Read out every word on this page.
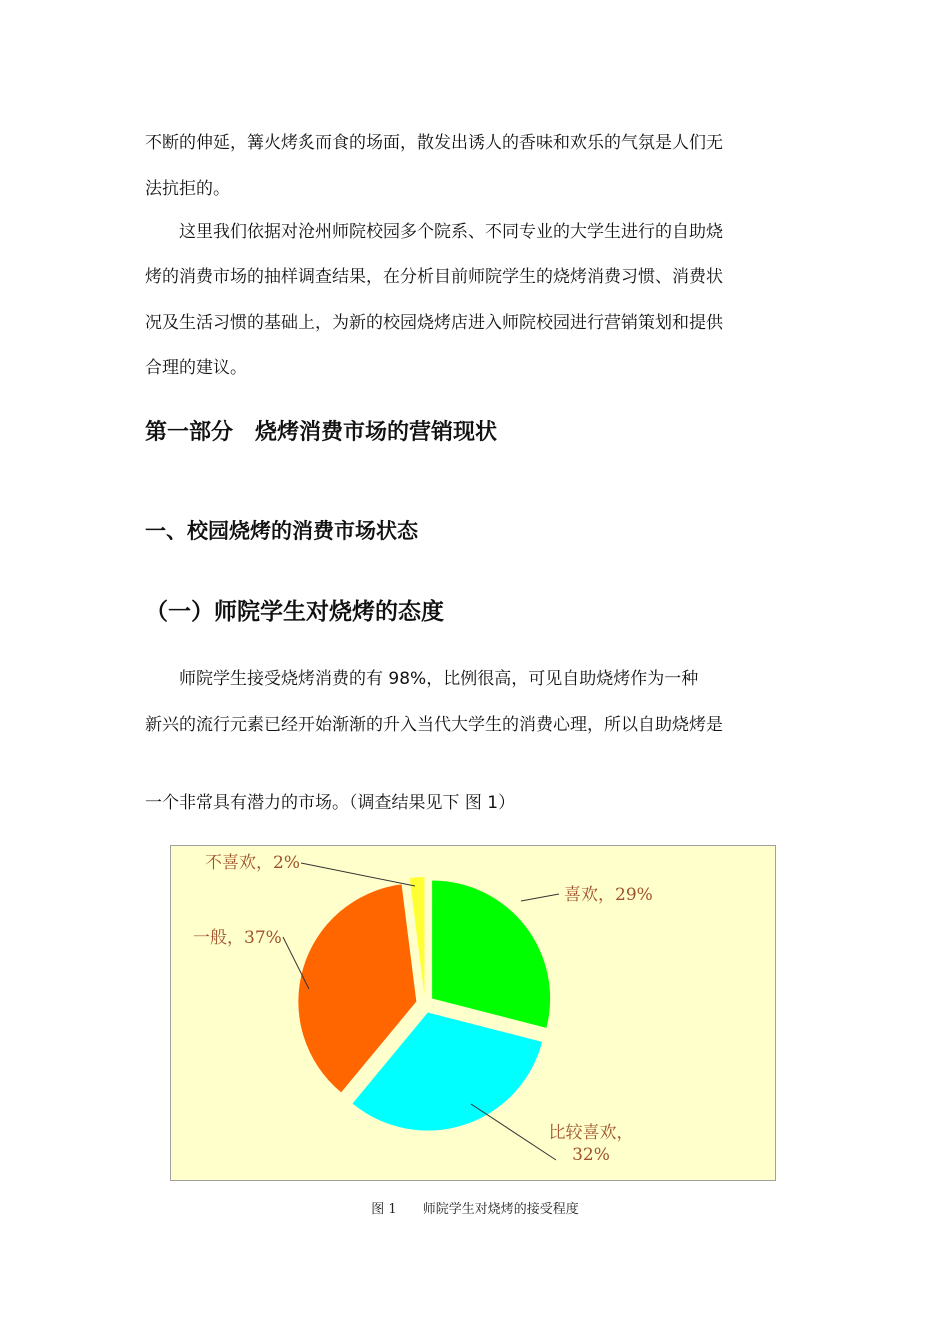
不断的伸延，篝火烤炙而食的场面，散发出诱人的香味和欢乐的气氛是人们无
法抗拒的。
　　这里我们依据对沧州师院校园多个院系、不同专业的大学生进行的自助烧
烤的消费市场的抽样调查结果，在分析目前师院学生的烧烤消费习惯、消费状
况及生活习惯的基础上，为新的校园烧烤店进入师院校园进行营销策划和提供
合理的建议。
第一部分　烧烤消费市场的营销现状
一、校园烧烤的消费市场状态
（一）师院学生对烧烤的态度
　　师院学生接受烧烤消费的有 98%，比例很高，可见自助烧烤作为一种
新兴的流行元素已经开始渐渐的升入当代大学生的消费心理，所以自助烧烤是
一个非常具有潜力的市场。（调查结果见下 图 1）
喜欢，29%
比较喜欢， 32%
一般，37%
不喜欢，2%
图 1　　师院学生对烧烤的接受程度
